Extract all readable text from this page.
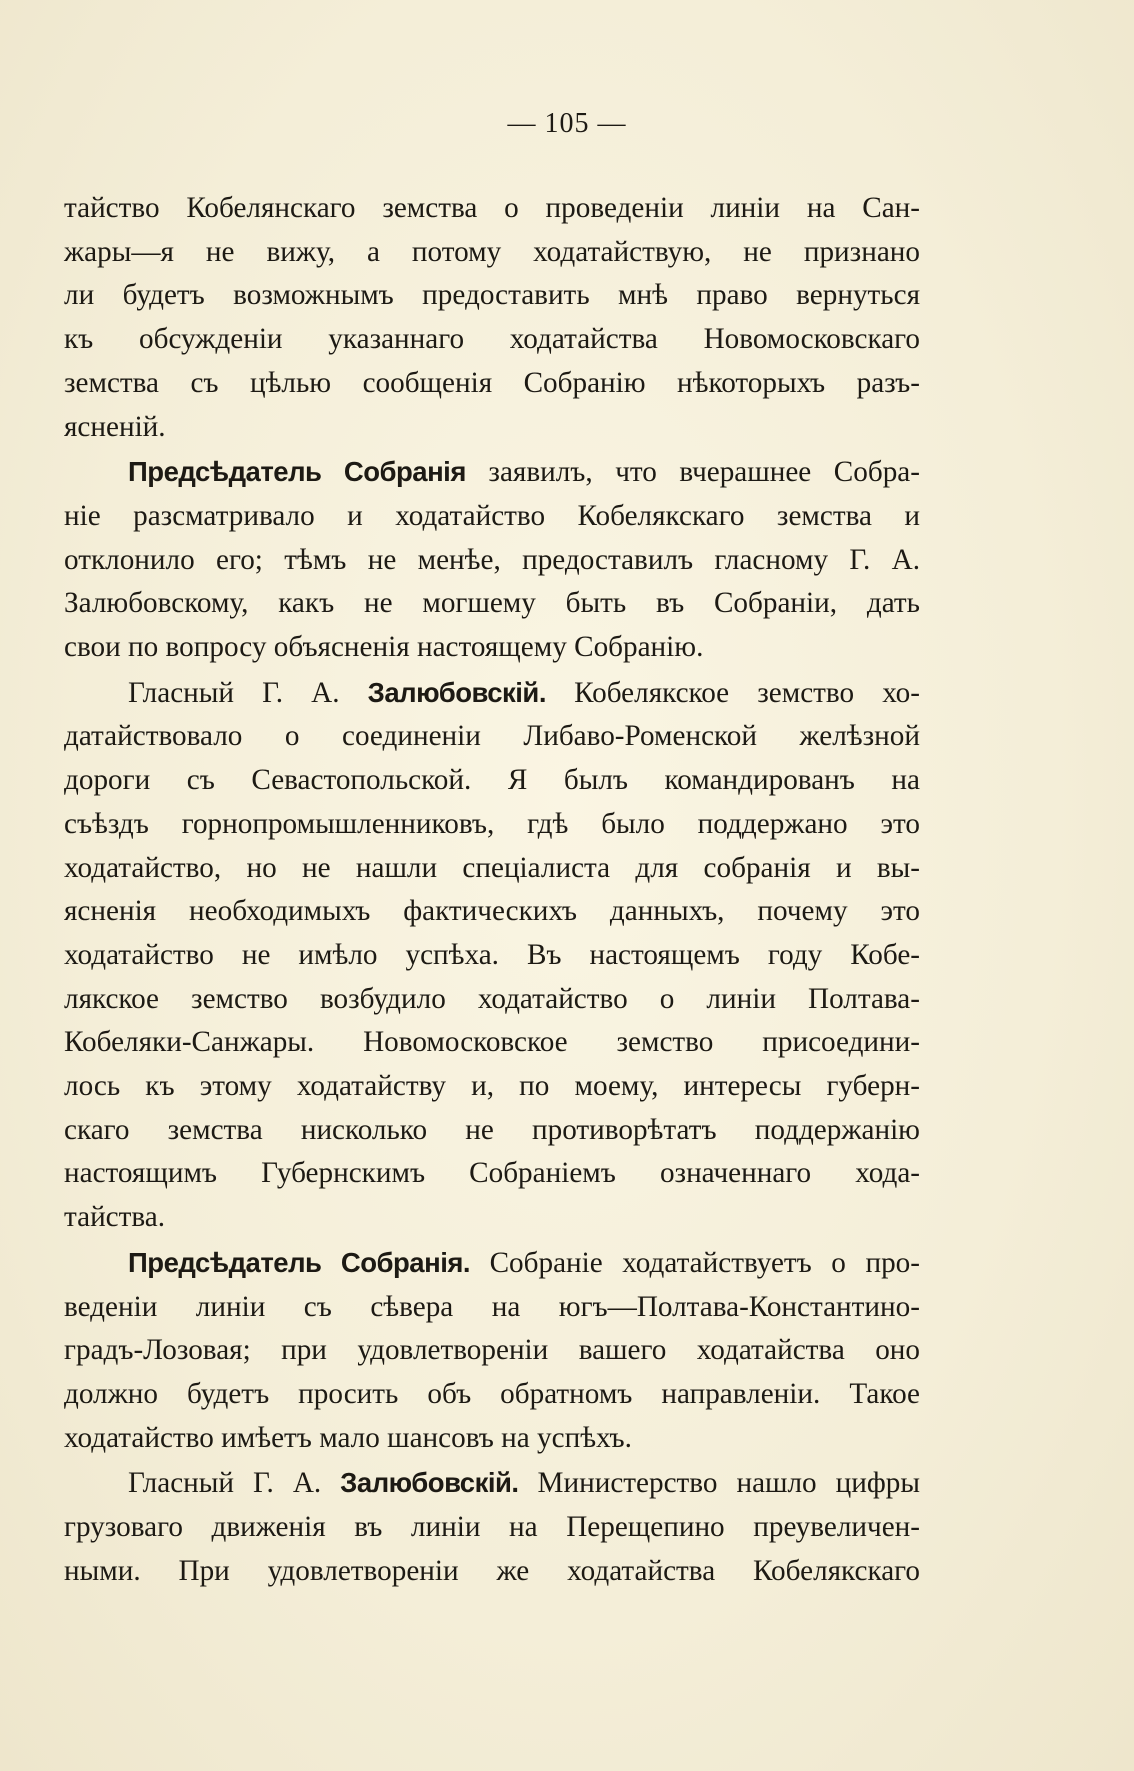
— 105 —
тайство Кобелянскаго земства о проведенiи линiи на Сан-
жары—я не вижу, а потому ходатайствую, не признано
ли будетъ возможнымъ предоставить мнѣ право вернуться
къ обсужденiи указаннаго ходатайства Новомосковскаго
земства съ цѣлью сообщенiя Собранiю нѣкоторыхъ разъ-
ясненiй.
Предсѣдатель Собранiя заявилъ, что вчерашнее Собра-
нiе разсматривало и ходатайство Кобелякскаго земства и
отклонило его; тѣмъ не менѣе, предоставилъ гласному Г. А.
Залюбовскому, какъ не могшему быть въ Собранiи, дать
свои по вопросу объясненiя настоящему Собранiю.
Гласный Г. А. Залюбовскiй. Кобелякское земство хо-
датайствовало о соединенiи Либаво-Роменской желѣзной
дороги съ Севастопольской. Я былъ командированъ на
съѣздъ горнопромышленниковъ, гдѣ было поддержано это
ходатайство, но не нашли спецiалиста для собранiя и вы-
ясненiя необходимыхъ фактическихъ данныхъ, почему это
ходатайство не имѣло успѣха. Въ настоящемъ году Кобе-
лякское земство возбудило ходатайство о линiи Полтава-
Кобеляки-Санжары. Новомосковское земство присоедини-
лось къ этому ходатайству и, по моему, интересы губерн-
скаго земства нисколько не противорѣтатъ поддержанiю
настоящимъ Губернскимъ Собранiемъ означеннаго хода-
тайства.
Предсѣдатель Собранiя. Собранiе ходатайствуетъ о про-
веденiи линiи съ сѣвера на югъ—Полтава-Константино-
градъ-Лозовая; при удовлетворенiи вашего ходатайства оно
должно будетъ просить объ обратномъ направленiи. Такое
ходатайство имѣетъ мало шансовъ на успѣхъ.
Гласный Г. А. Залюбовскiй. Министерство нашло цифры
грузоваго движенiя въ линiи на Перещепино преувеличен-
ными. При удовлетворенiи же ходатайства Кобелякскаго
